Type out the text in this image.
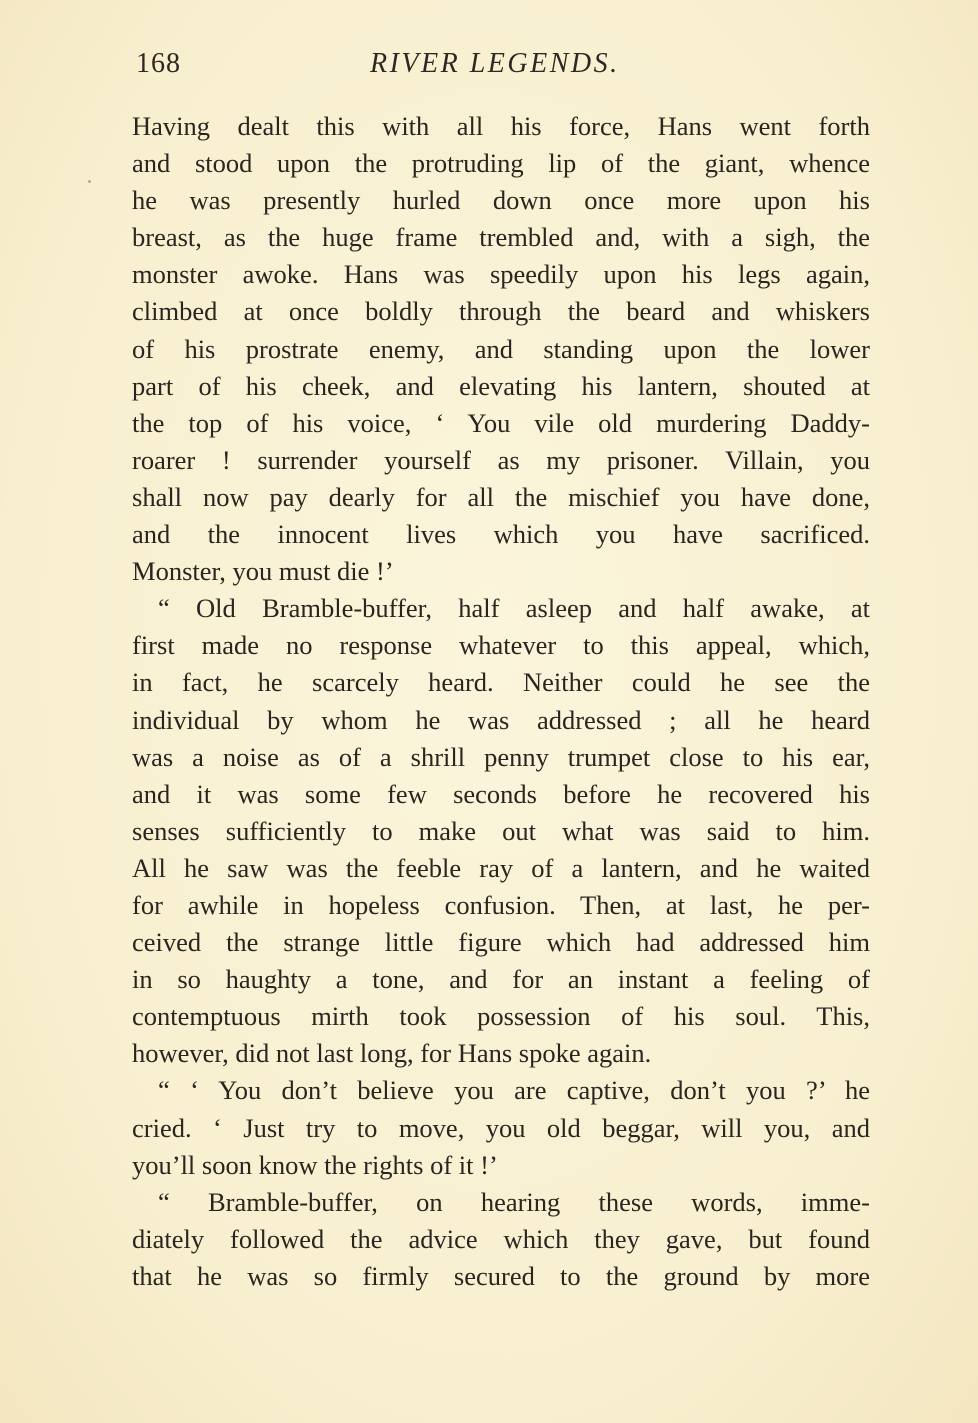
168	RIVER LEGENDS.
Having dealt this with all his force, Hans went forth
and stood upon the protruding lip of the giant, whence
he was presently hurled down once more upon his
breast, as the huge frame trembled and, with a sigh, the
monster awoke. Hans was speedily upon his legs again,
climbed at once boldly through the beard and whiskers
of his prostrate enemy, and standing upon the lower
part of his cheek, and elevating his lantern, shouted at
the top of his voice, ‘ You vile old murdering Daddy-
roarer ! surrender yourself as my prisoner. Villain, you
shall now pay dearly for all the mischief you have done,
and the innocent lives which you have sacrificed.
Monster, you must die !’
“ Old Bramble-buffer, half asleep and half awake, at
first made no response whatever to this appeal, which,
in fact, he scarcely heard. Neither could he see the
individual by whom he was addressed ; all he heard
was a noise as of a shrill penny trumpet close to his ear,
and it was some few seconds before he recovered his
senses sufficiently to make out what was said to him.
All he saw was the feeble ray of a lantern, and he waited
for awhile in hopeless confusion. Then, at last, he per-
ceived the strange little figure which had addressed him
in so haughty a tone, and for an instant a feeling of
contemptuous mirth took possession of his soul. This,
however, did not last long, for Hans spoke again.
“ ‘ You don’t believe you are captive, don’t you ?’ he
cried. ‘ Just try to move, you old beggar, will you, and
you’ll soon know the rights of it !’
“ Bramble-buffer, on hearing these words, imme-
diately followed the advice which they gave, but found
that he was so firmly secured to the ground by more
